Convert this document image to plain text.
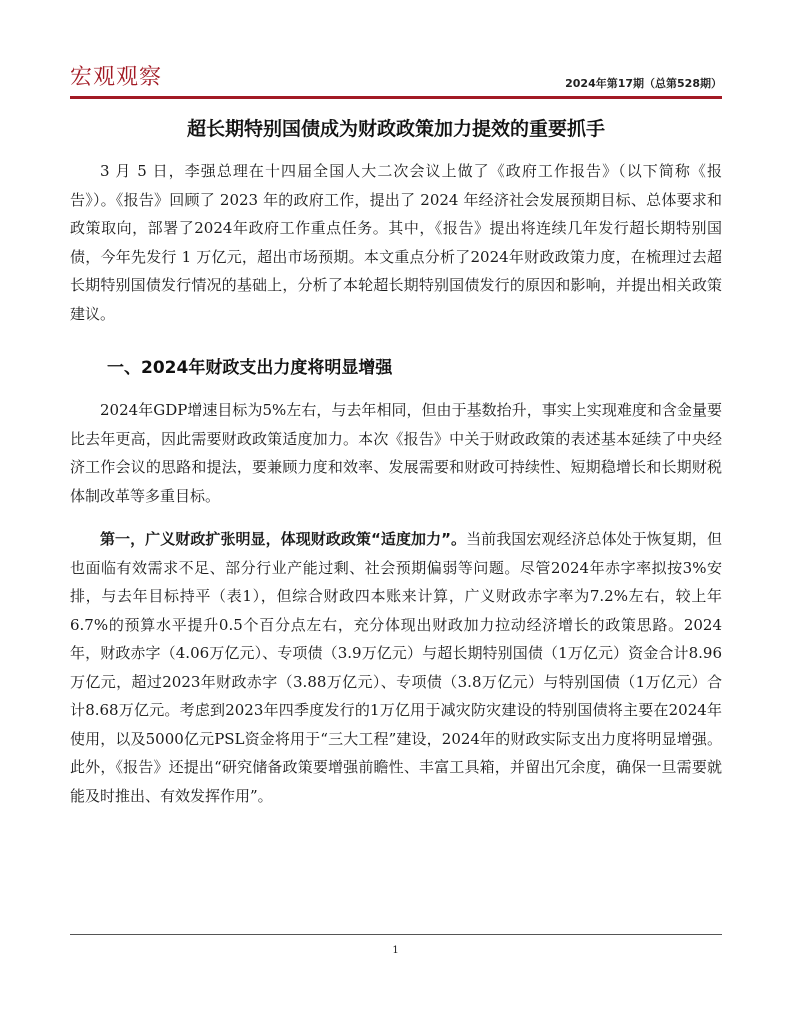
宏观观察	2024年第17期（总第528期）
超长期特别国债成为财政政策加力提效的重要抓手

3 月 5 日，李强总理在十四届全国人大二次会议上做了《政府工作报告》（以下简称《报告》）。《报告》回顾了 2023 年的政府工作，提出了 2024 年经济社会发展预期目标、总体要求和政策取向，部署了2024年政府工作重点任务。其中，《报告》提出将连续几年发行超长期特别国债，今年先发行 1 万亿元，超出市场预期。本文重点分析了2024年财政政策力度，在梳理过去超长期特别国债发行情况的基础上，分析了本轮超长期特别国债发行的原因和影响，并提出相关政策建议。

一、2024年财政支出力度将明显增强

2024年GDP增速目标为5%左右，与去年相同，但由于基数抬升，事实上实现难度和含金量要比去年更高，因此需要财政政策适度加力。本次《报告》中关于财政政策的表述基本延续了中央经济工作会议的思路和提法，要兼顾力度和效率、发展需要和财政可持续性、短期稳增长和长期财税体制改革等多重目标。

第一，广义财政扩张明显，体现财政政策“适度加力”。当前我国宏观经济总体处于恢复期，但也面临有效需求不足、部分行业产能过剩、社会预期偏弱等问题。尽管2024年赤字率拟按3%安排，与去年目标持平（表1），但综合财政四本账来计算，广义财政赤字率为7.2%左右，较上年6.7%的预算水平提升0.5个百分点左右，充分体现出财政加力拉动经济增长的政策思路。2024年，财政赤字（4.06万亿元）、专项债（3.9万亿元）与超长期特别国债（1万亿元）资金合计8.96万亿元，超过2023年财政赤字（3.88万亿元）、专项债（3.8万亿元）与特别国债（1万亿元）合计8.68万亿元。考虑到2023年四季度发行的1万亿用于减灾防灾建设的特别国债将主要在2024年使用，以及5000亿元PSL资金将用于“三大工程”建设，2024年的财政实际支出力度将明显增强。此外，《报告》还提出“研究储备政策要增强前瞻性、丰富工具箱，并留出冗余度，确保一旦需要就能及时推出、有效发挥作用”。

1
